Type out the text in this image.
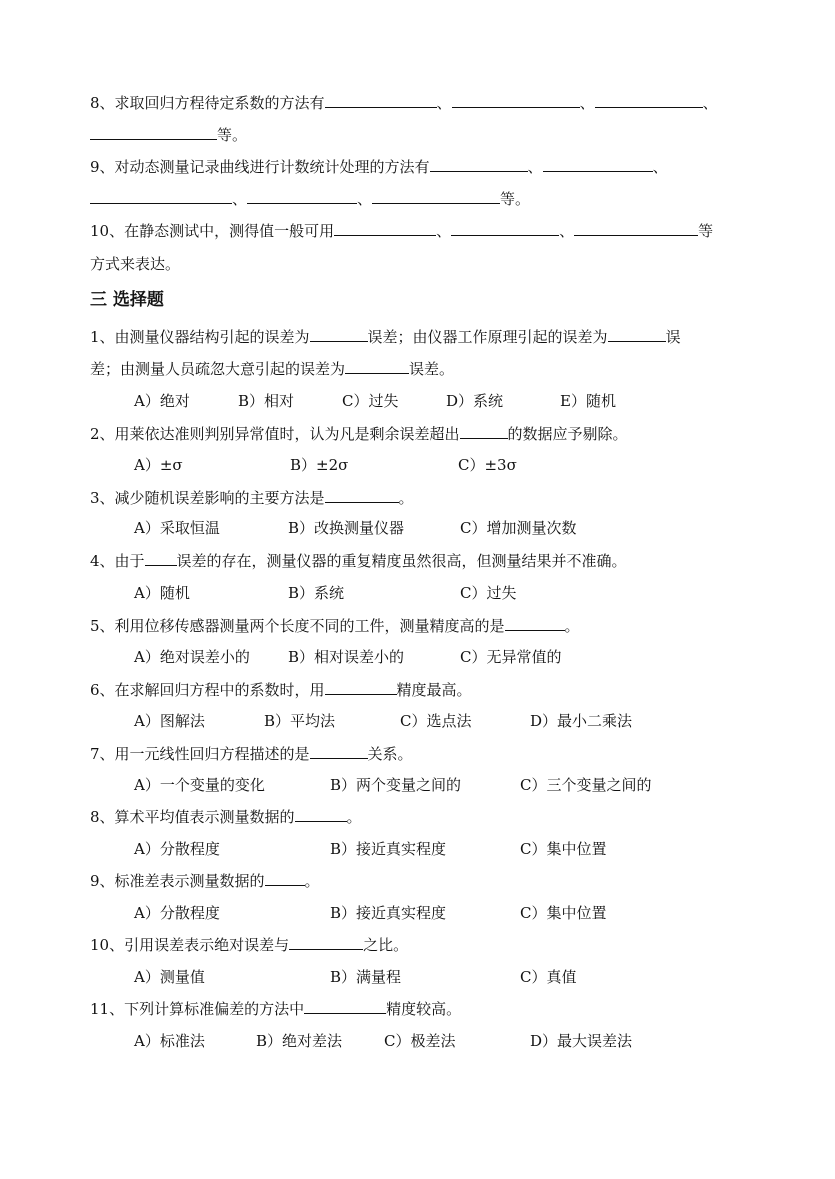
8、求取回归方程待定系数的方法有	、	、	、
等。
9、对动态测量记录曲线进行计数统计处理的方法有	、	、
、	、	等。
10、在静态测试中，测得值一般可用	、	、	等
方式来表达。
三 选择题
1、由测量仪器结构引起的误差为	误差；由仪器工作原理引起的误差为	误
差；由测量人员疏忽大意引起的误差为	误差。
A）绝对	B）相对	C）过失	D）系统	E）随机
2、用莱依达准则判别异常值时，认为凡是剩余误差超出	的数据应予剔除。
A）±σ	B）±2σ	C）±3σ
3、减少随机误差影响的主要方法是	。
A）采取恒温	B）改换测量仪器	C）增加测量次数
4、由于 误差的存在，测量仪器的重复精度虽然很高，但测量结果并不准确。
A）随机	B）系统	C）过失
5、利用位移传感器测量两个长度不同的工件，测量精度高的是	。
A）绝对误差小的	B）相对误差小的	C）无异常值的
6、在求解回归方程中的系数时，用	精度最高。
A）图解法	B）平均法	C）选点法	D）最小二乘法
7、用一元线性回归方程描述的是	关系。
A）一个变量的变化	B）两个变量之间的	C）三个变量之间的
8、算术平均值表示测量数据的	。
A）分散程度	B）接近真实程度	C）集中位置
9、标准差表示测量数据的	。
A）分散程度	B）接近真实程度	C）集中位置
10、引用误差表示绝对误差与	之比。
A）测量值	B）满量程	C）真值
11、下列计算标准偏差的方法中	精度较高。
A）标准法	B）绝对差法	C）极差法	D）最大误差法
